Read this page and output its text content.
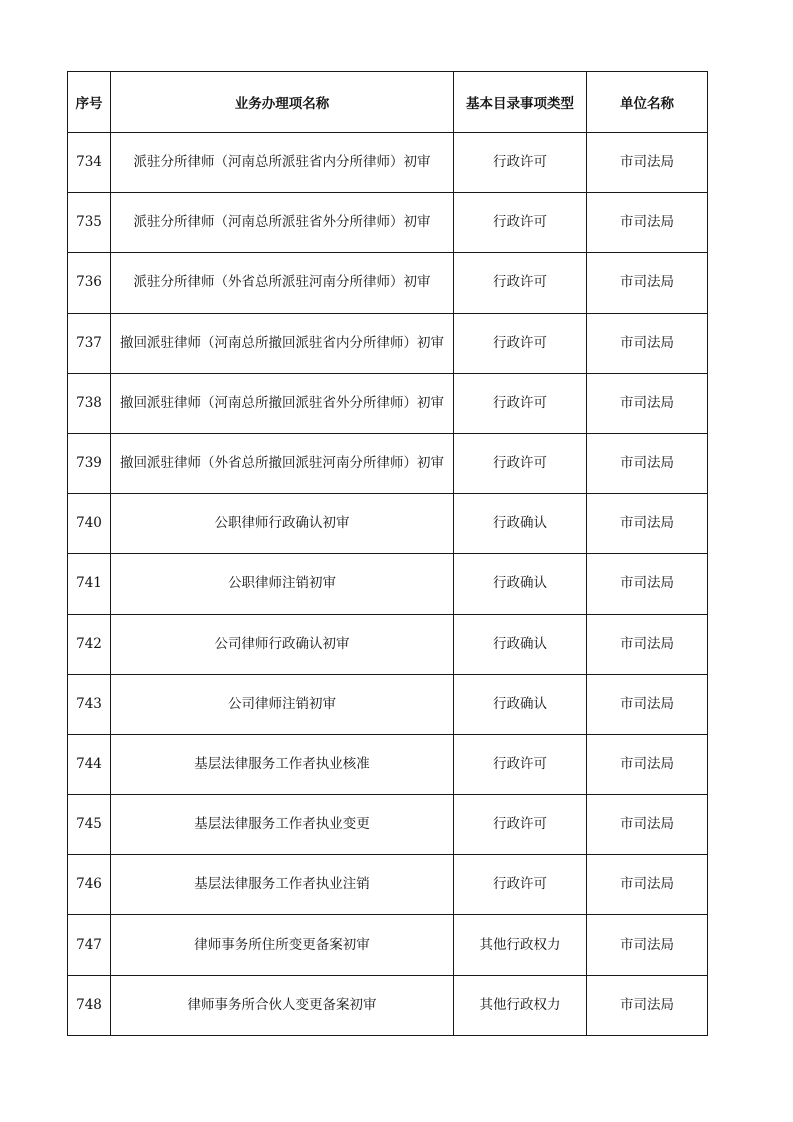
序号	业务办理项名称	基本目录事项类型	单位名称
734	派驻分所律师（河南总所派驻省内分所律师）初审	行政许可	市司法局
735	派驻分所律师（河南总所派驻省外分所律师）初审	行政许可	市司法局
736	派驻分所律师（外省总所派驻河南分所律师）初审	行政许可	市司法局
737	撤回派驻律师（河南总所撤回派驻省内分所律师）初审	行政许可	市司法局
738	撤回派驻律师（河南总所撤回派驻省外分所律师）初审	行政许可	市司法局
739	撤回派驻律师（外省总所撤回派驻河南分所律师）初审	行政许可	市司法局
740	公职律师行政确认初审	行政确认	市司法局
741	公职律师注销初审	行政确认	市司法局
742	公司律师行政确认初审	行政确认	市司法局
743	公司律师注销初审	行政确认	市司法局
744	基层法律服务工作者执业核准	行政许可	市司法局
745	基层法律服务工作者执业变更	行政许可	市司法局
746	基层法律服务工作者执业注销	行政许可	市司法局
747	律师事务所住所变更备案初审	其他行政权力	市司法局
748	律师事务所合伙人变更备案初审	其他行政权力	市司法局
